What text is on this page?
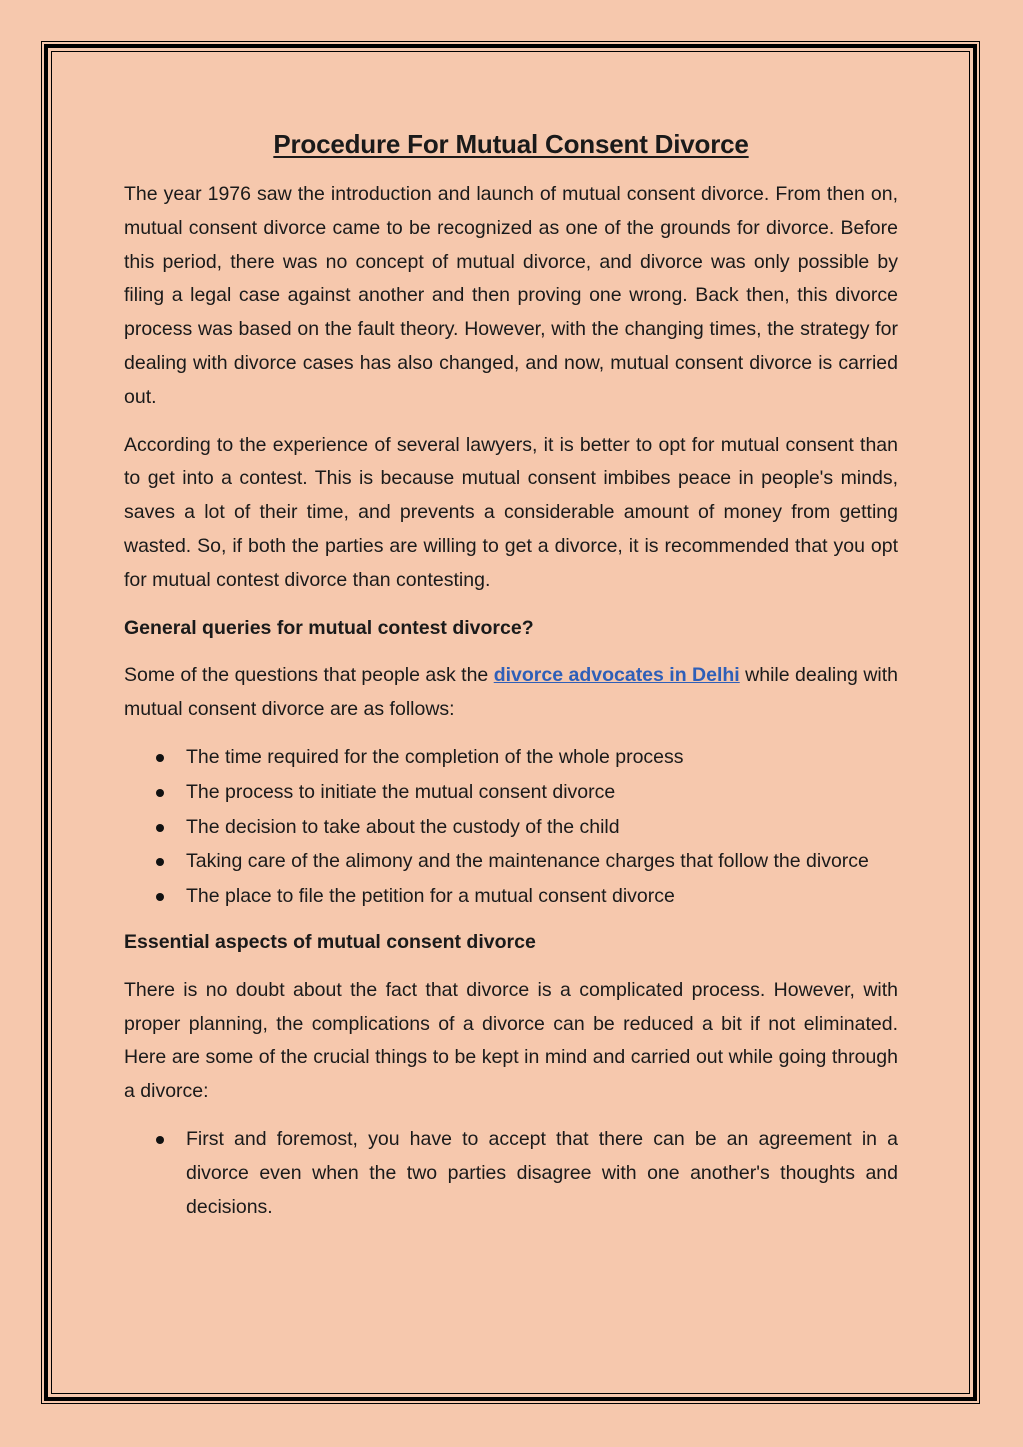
Procedure For Mutual Consent Divorce

The year 1976 saw the introduction and launch of mutual consent divorce. From then on, mutual consent divorce came to be recognized as one of the grounds for divorce. Before this period, there was no concept of mutual divorce, and divorce was only possible by filing a legal case against another and then proving one wrong. Back then, this divorce process was based on the fault theory. However, with the changing times, the strategy for dealing with divorce cases has also changed, and now, mutual consent divorce is carried out.

According to the experience of several lawyers, it is better to opt for mutual consent than to get into a contest. This is because mutual consent imbibes peace in people's minds, saves a lot of their time, and prevents a considerable amount of money from getting wasted. So, if both the parties are willing to get a divorce, it is recommended that you opt for mutual contest divorce than contesting.

General queries for mutual contest divorce?

Some of the questions that people ask the divorce advocates in Delhi while dealing with mutual consent divorce are as follows:

The time required for the completion of the whole process
The process to initiate the mutual consent divorce
The decision to take about the custody of the child
Taking care of the alimony and the maintenance charges that follow the divorce
The place to file the petition for a mutual consent divorce
Essential aspects of mutual consent divorce

There is no doubt about the fact that divorce is a complicated process. However, with proper planning, the complications of a divorce can be reduced a bit if not eliminated. Here are some of the crucial things to be kept in mind and carried out while going through a divorce:

First and foremost, you have to accept that there can be an agreement in a divorce even when the two parties disagree with one another's thoughts and decisions.
